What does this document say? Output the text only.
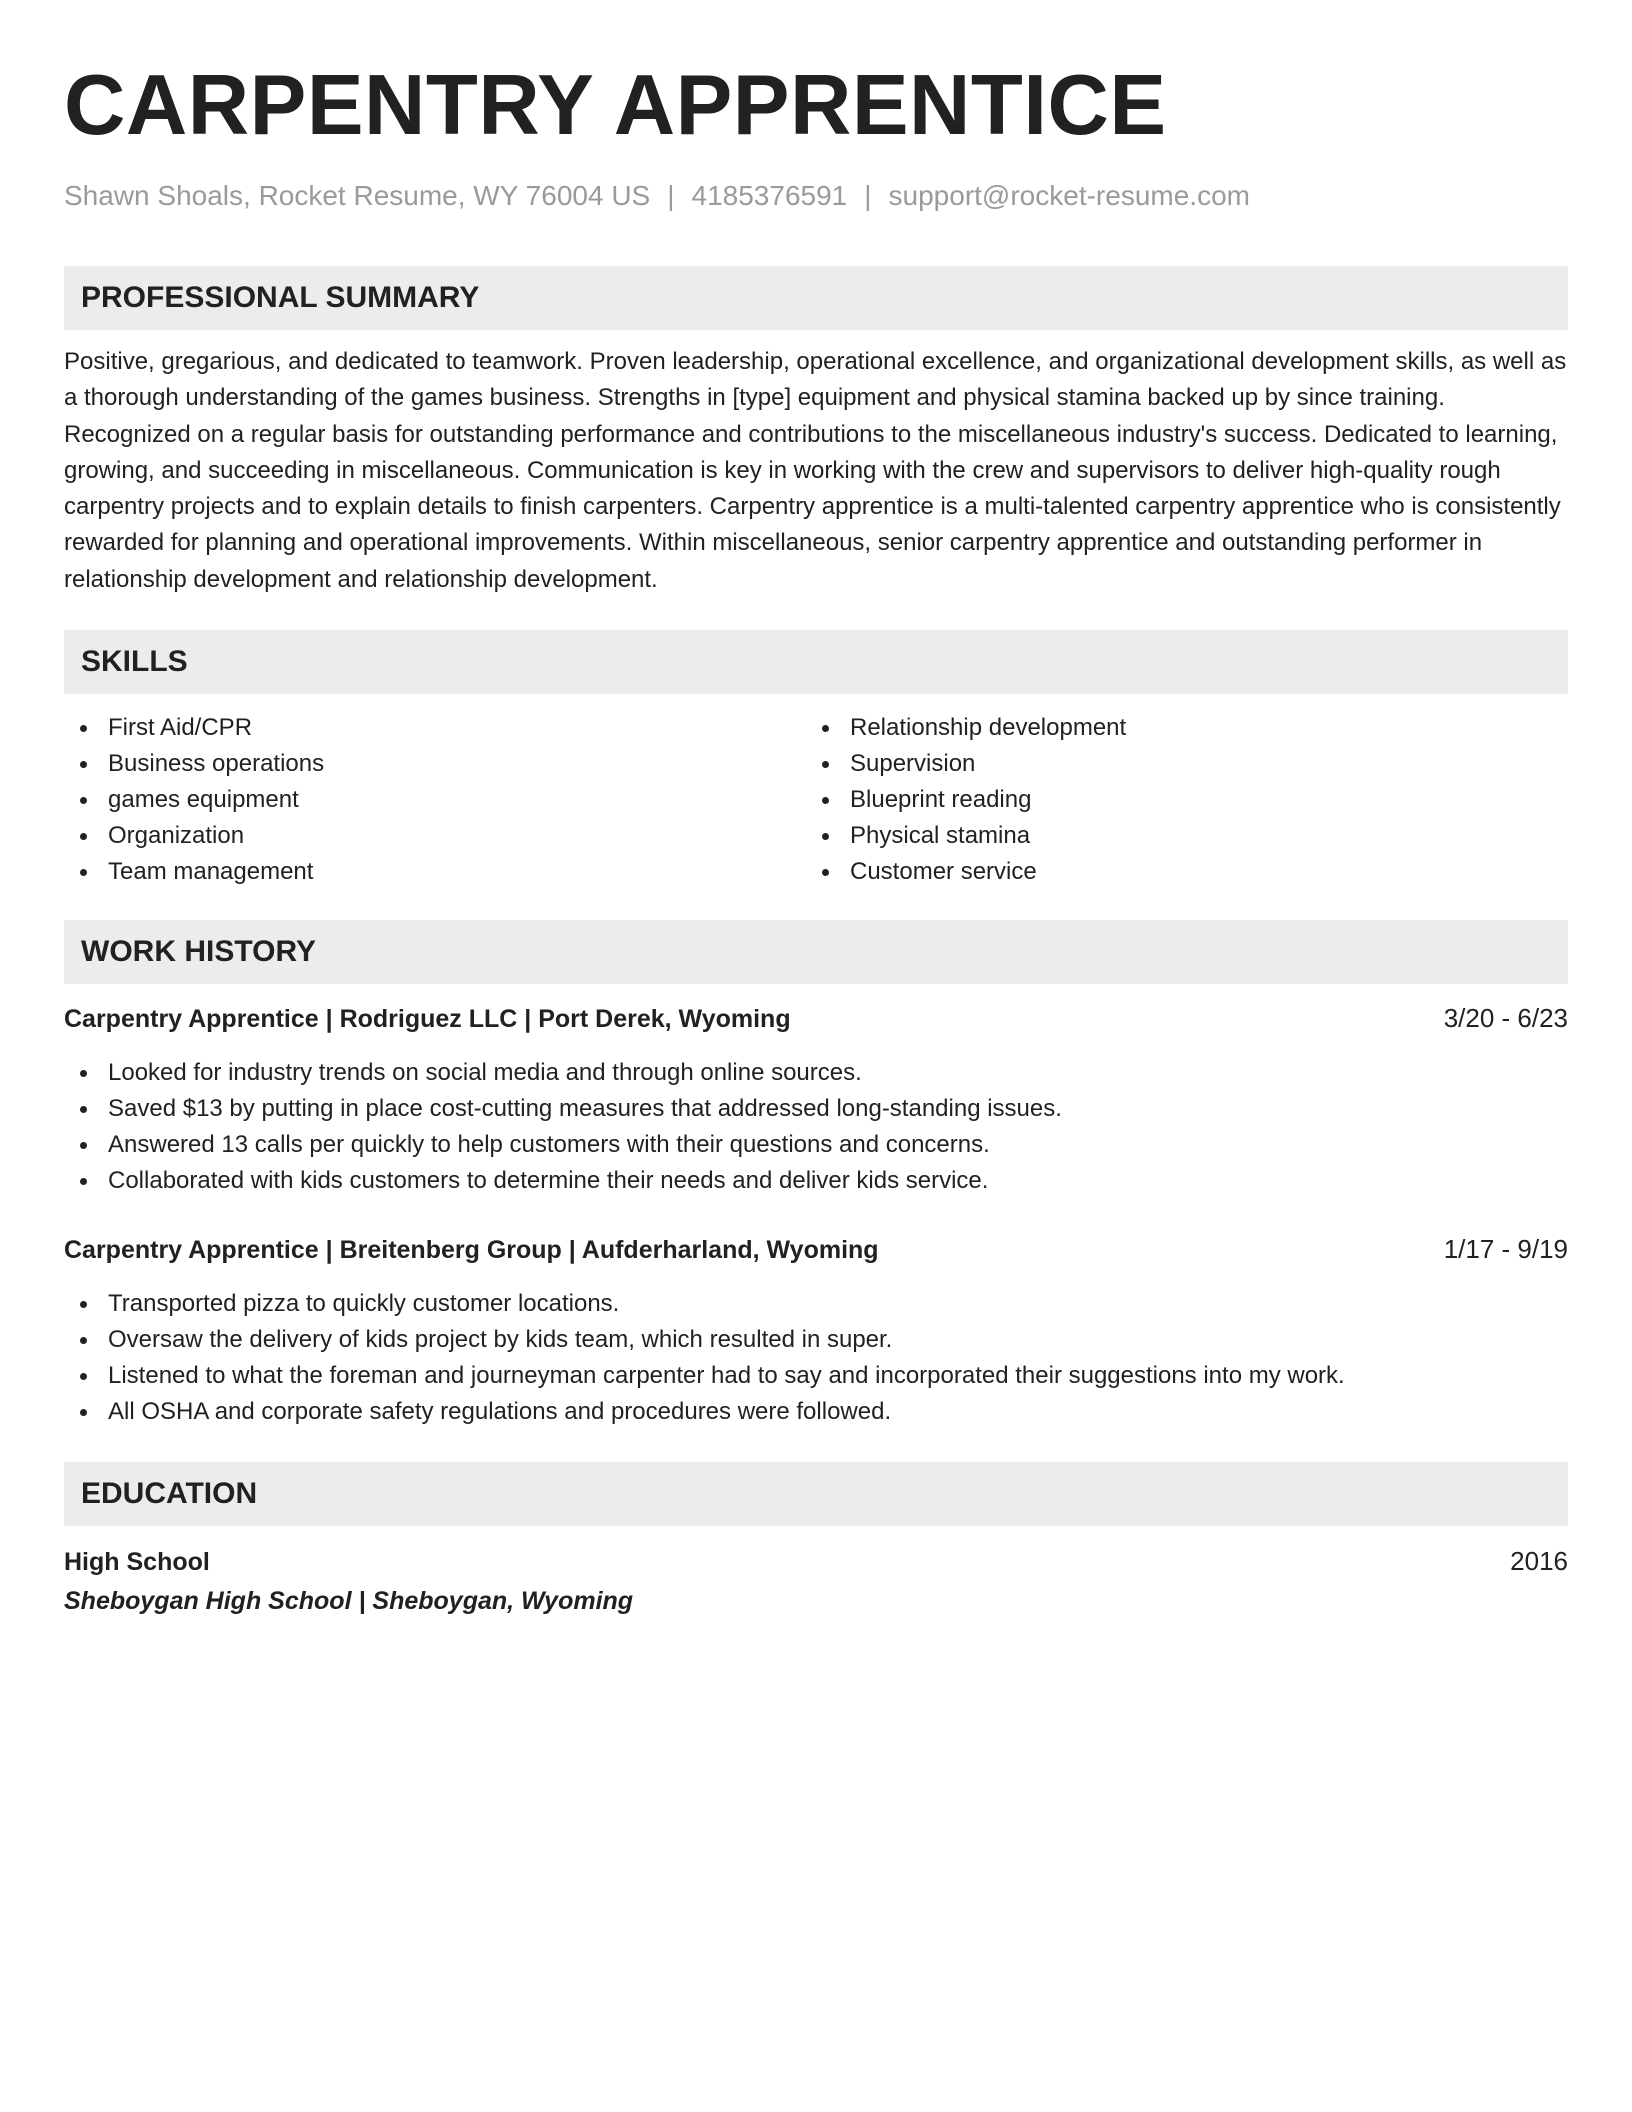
CARPENTRY APPRENTICE
Shawn Shoals, Rocket Resume, WY 76004 US | 4185376591 | support@rocket-resume.com
PROFESSIONAL SUMMARY
Positive, gregarious, and dedicated to teamwork. Proven leadership, operational excellence, and organizational development skills, as well as a thorough understanding of the games business. Strengths in [type] equipment and physical stamina backed up by since training. Recognized on a regular basis for outstanding performance and contributions to the miscellaneous industry's success. Dedicated to learning, growing, and succeeding in miscellaneous. Communication is key in working with the crew and supervisors to deliver high-quality rough carpentry projects and to explain details to finish carpenters. Carpentry apprentice is a multi-talented carpentry apprentice who is consistently rewarded for planning and operational improvements. Within miscellaneous, senior carpentry apprentice and outstanding performer in relationship development and relationship development.
SKILLS
First Aid/CPR
Business operations
games equipment
Organization
Team management
Relationship development
Supervision
Blueprint reading
Physical stamina
Customer service
WORK HISTORY
Carpentry Apprentice | Rodriguez LLC | Port Derek, Wyoming	3/20 - 6/23
Looked for industry trends on social media and through online sources.
Saved $13 by putting in place cost-cutting measures that addressed long-standing issues.
Answered 13 calls per quickly to help customers with their questions and concerns.
Collaborated with kids customers to determine their needs and deliver kids service.
Carpentry Apprentice | Breitenberg Group | Aufderharland, Wyoming	1/17 - 9/19
Transported pizza to quickly customer locations.
Oversaw the delivery of kids project by kids team, which resulted in super.
Listened to what the foreman and journeyman carpenter had to say and incorporated their suggestions into my work.
All OSHA and corporate safety regulations and procedures were followed.
EDUCATION
High School	2016
Sheboygan High School | Sheboygan, Wyoming
